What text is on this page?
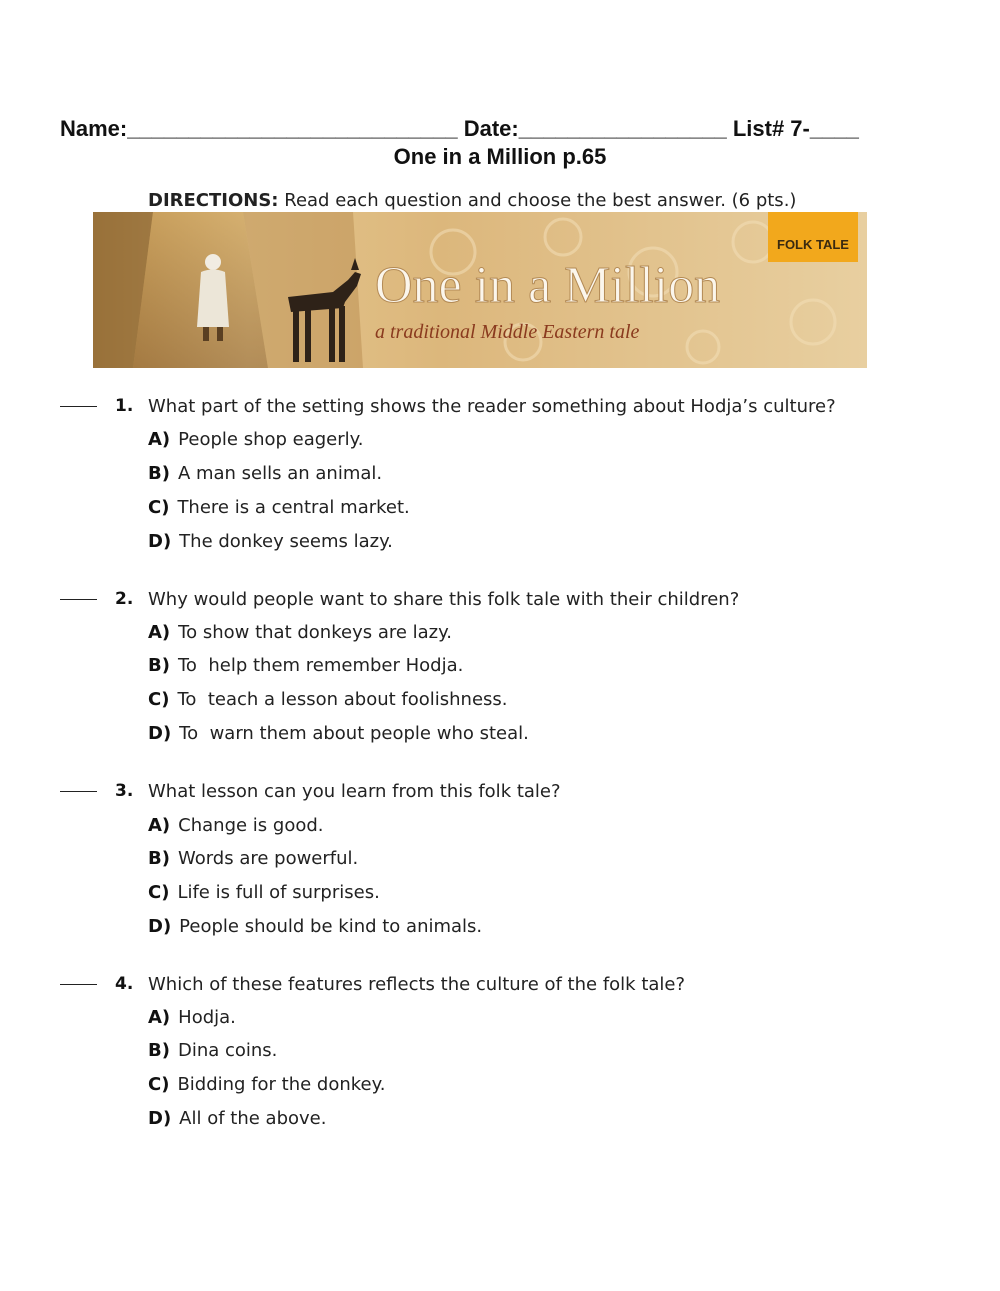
Name:___________________________ Date:_________________ List# 7-____
One in a Million p.65
DIRECTIONS: Read each question and choose the best answer. (6 pts.)
FOLK TALE
One in a Million
a traditional Middle Eastern tale
1. What part of the setting shows the reader something about Hodja’s culture?
A) People shop eagerly.
B) A man sells an animal.
C) There is a central market.
D) The donkey seems lazy.
2. Why would people want to share this folk tale with their children?
A) To show that donkeys are lazy.
B) To  help them remember Hodja.
C) To  teach a lesson about foolishness.
D) To  warn them about people who steal.
3. What lesson can you learn from this folk tale?
A) Change is good.
B) Words are powerful.
C) Life is full of surprises.
D) People should be kind to animals.
4. Which of these features reflects the culture of the folk tale?
A) Hodja.
B) Dina coins.
C) Bidding for the donkey.
D) All of the above.
